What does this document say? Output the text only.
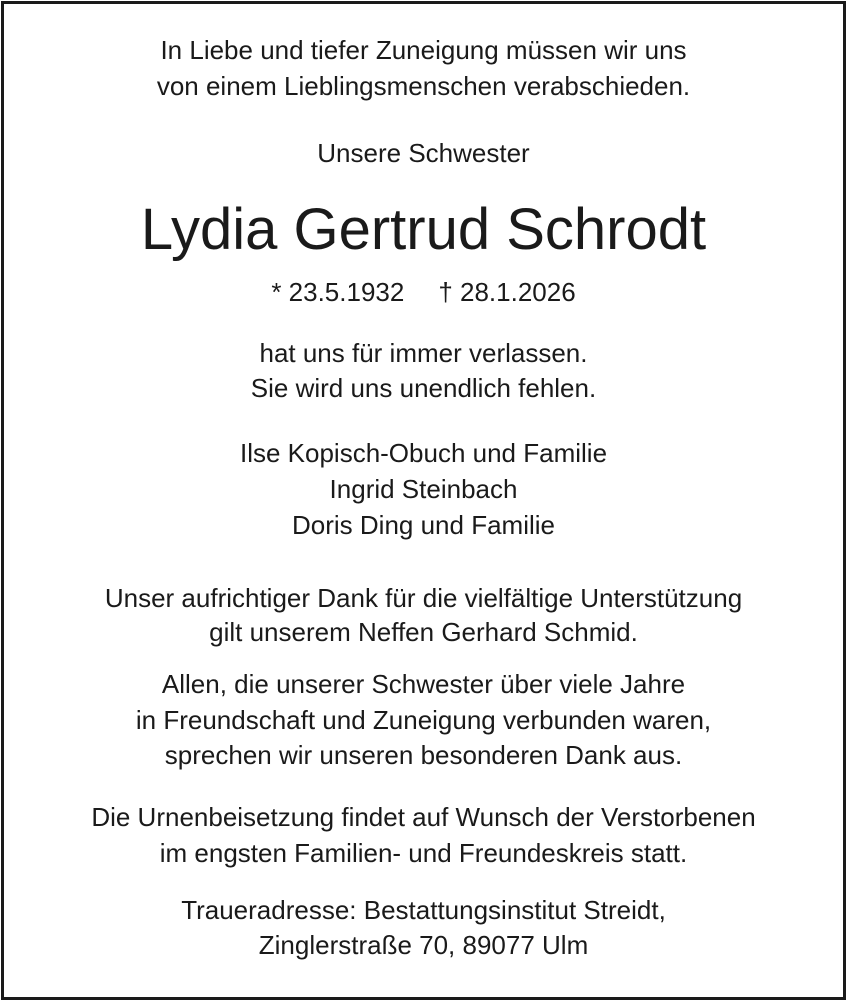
In Liebe und tiefer Zuneigung müssen wir uns
von einem Lieblingsmenschen verabschieden.
Unsere Schwester
Lydia Gertrud Schrodt
* 23.5.1932 † 28.1.2026
hat uns für immer verlassen.
Sie wird uns unendlich fehlen.
Ilse Kopisch-Obuch und Familie
Ingrid Steinbach
Doris Ding und Familie
Unser aufrichtiger Dank für die vielfältige Unterstützung
gilt unserem Neffen Gerhard Schmid.
Allen, die unserer Schwester über viele Jahre
in Freundschaft und Zuneigung verbunden waren,
sprechen wir unseren besonderen Dank aus.
Die Urnenbeisetzung findet auf Wunsch der Verstorbenen
im engsten Familien- und Freundeskreis statt.
Traueradresse: Bestattungsinstitut Streidt,
Zinglerstraße 70, 89077 Ulm
